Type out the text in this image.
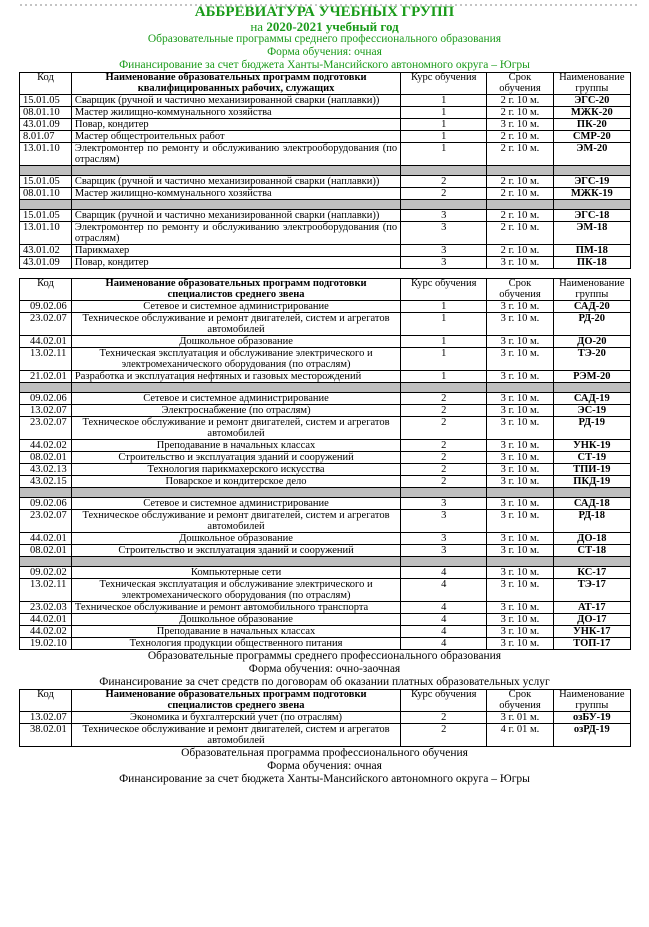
АББРЕВИАТУРА УЧЕБНЫХ ГРУПП
на 2020-2021 учебный год
Образовательные программы среднего профессионального образования
Форма обучения: очная
Финансирование за счет бюджета Ханты-Мансийского автономного округа – Югры
Код	Наименование образовательных программ подготовки квалифицированных рабочих, служащих	Курс обучения	Срок обучения	Наименование группы
15.01.05	Сварщик (ручной и частично механизированной сварки (наплавки))	1	2 г. 10 м.	ЭГС-20
08.01.10	Мастер жилищно-коммунального хозяйства	1	2 г. 10 м.	МЖК-20
43.01.09	Повар, кондитер	1	3 г. 10 м.	ПК-20
8.01.07	Мастер общестроительных работ	1	2 г. 10 м.	СМР-20
13.01.10	Электромонтер по ремонту и обслуживанию электрооборудования (по отраслям)	1	2 г. 10 м.	ЭМ-20

15.01.05	Сварщик (ручной и частично механизированной сварки (наплавки))	2	2 г. 10 м.	ЭГС-19
08.01.10	Мастер жилищно-коммунального хозяйства	2	2 г. 10 м.	МЖК-19

15.01.05	Сварщик (ручной и частично механизированной сварки (наплавки))	3	2 г. 10 м.	ЭГС-18
13.01.10	Электромонтер по ремонту и обслуживанию электрооборудования (по отраслям)	3	2 г. 10 м.	ЭМ-18
43.01.02	Парикмахер	3	2 г. 10 м.	ПМ-18
43.01.09	Повар, кондитер	3	3 г. 10 м.	ПК-18
Код	Наименование образовательных программ подготовки специалистов среднего звена	Курс обучения	Срок обучения	Наименование группы
09.02.06	Сетевое и системное администрирование	1	3 г. 10 м.	САД-20
23.02.07	Техническое обслуживание и ремонт двигателей, систем и агрегатов автомобилей	1	3 г. 10 м.	РД-20
44.02.01	Дошкольное образование	1	3 г. 10 м.	ДО-20
13.02.11	Техническая эксплуатация и обслуживание электрического и электромеханического оборудования (по отраслям)	1	3 г. 10 м.	ТЭ-20
21.02.01	Разработка и эксплуатация нефтяных и газовых месторождений	1	3 г. 10 м.	РЭМ-20

09.02.06	Сетевое и системное администрирование	2	3 г. 10 м.	САД-19
13.02.07	Электроснабжение (по отраслям)	2	3 г. 10 м.	ЭС-19
23.02.07	Техническое обслуживание и ремонт двигателей, систем и агрегатов автомобилей	2	3 г. 10 м.	РД-19
44.02.02	Преподавание в начальных классах	2	3 г. 10 м.	УНК-19
08.02.01	Строительство и эксплуатация зданий и сооружений	2	3 г. 10 м.	СТ-19
43.02.13	Технология парикмахерского искусства	2	3 г. 10 м.	ТПИ-19
43.02.15	Поварское и кондитерское дело	2	3 г. 10 м.	ПКД-19

09.02.06	Сетевое и системное администрирование	3	3 г. 10 м.	САД-18
23.02.07	Техническое обслуживание и ремонт двигателей, систем и агрегатов автомобилей	3	3 г. 10 м.	РД-18
44.02.01	Дошкольное образование	3	3 г. 10 м.	ДО-18
08.02.01	Строительство и эксплуатация зданий и сооружений	3	3 г. 10 м.	СТ-18

09.02.02	Компьютерные сети	4	3 г. 10 м.	КС-17
13.02.11	Техническая эксплуатация и обслуживание электрического и электромеханического оборудования (по отраслям)	4	3 г. 10 м.	ТЭ-17
23.02.03	Техническое обслуживание и ремонт автомобильного транспорта	4	3 г. 10 м.	АТ-17
44.02.01	Дошкольное образование	4	3 г. 10 м.	ДО-17
44.02.02	Преподавание в начальных классах	4	3 г. 10 м.	УНК-17
19.02.10	Технология продукции общественного питания	4	3 г. 10 м.	ТОП-17
Образовательные программы среднего профессионального образования
Форма обучения: очно-заочная
Финансирование за счет средств по договорам об оказании платных образовательных услуг
Код	Наименование образовательных программ подготовки специалистов среднего звена	Курс обучения	Срок обучения	Наименование группы
13.02.07	Экономика и бухгалтерский учет (по отраслям)	2	3 г. 01 м.	озБУ-19
38.02.01	Техническое обслуживание и ремонт двигателей, систем и агрегатов автомобилей	2	4 г. 01 м.	озРД-19
Образовательная программа профессионального обучения
Форма обучения: очная
Финансирование за счет бюджета Ханты-Мансийского автономного округа – Югры
